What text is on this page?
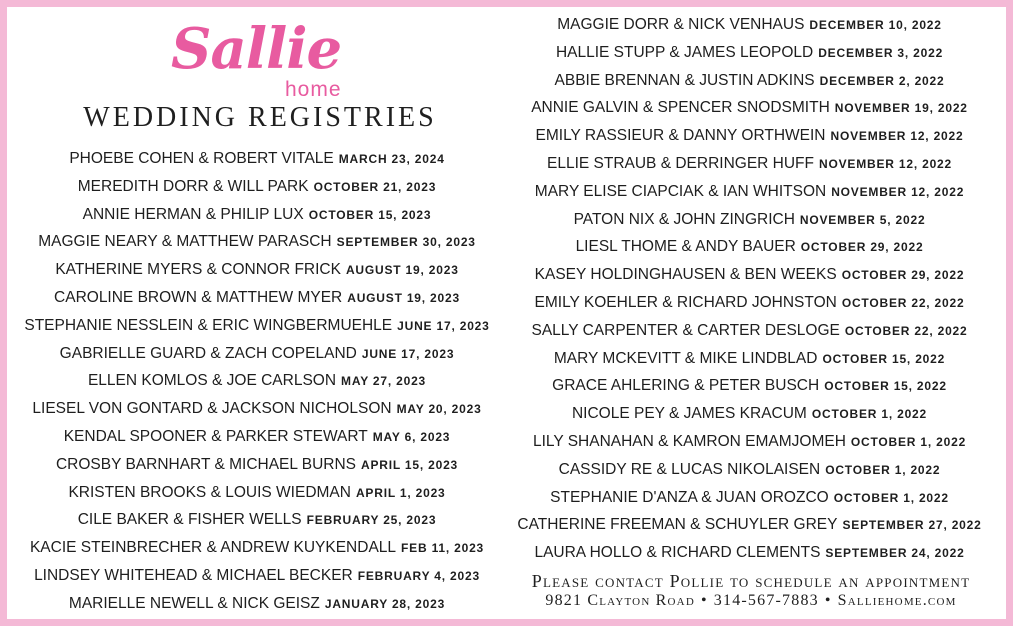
Sallie
home
WEDDING REGISTRIES
PHOEBE COHEN & ROBERT VITALE MARCH 23, 2024
MEREDITH DORR & WILL PARK OCTOBER 21, 2023
ANNIE HERMAN & PHILIP LUX OCTOBER 15, 2023
MAGGIE NEARY & MATTHEW PARASCH SEPTEMBER 30, 2023
KATHERINE MYERS & CONNOR FRICK AUGUST 19, 2023
CAROLINE BROWN & MATTHEW MYER AUGUST 19, 2023
STEPHANIE NESSLEIN & ERIC WINGBERMUEHLE JUNE 17, 2023
GABRIELLE GUARD & ZACH COPELAND JUNE 17, 2023
ELLEN KOMLOS & JOE CARLSON MAY 27, 2023
LIESEL VON GONTARD & JACKSON NICHOLSON MAY 20, 2023
KENDAL SPOONER & PARKER STEWART MAY 6, 2023
CROSBY BARNHART & MICHAEL BURNS APRIL 15, 2023
KRISTEN BROOKS & LOUIS WIEDMAN APRIL 1, 2023
CILE BAKER & FISHER WELLS FEBRUARY 25, 2023
KACIE STEINBRECHER & ANDREW KUYKENDALL FEB 11, 2023
LINDSEY WHITEHEAD & MICHAEL BECKER FEBRUARY 4, 2023
MARIELLE NEWELL & NICK GEISZ JANUARY 28, 2023
MAGGIE DORR & NICK VENHAUS DECEMBER 10, 2022
HALLIE STUPP & JAMES LEOPOLD DECEMBER 3, 2022
ABBIE BRENNAN & JUSTIN ADKINS DECEMBER 2, 2022
ANNIE GALVIN & SPENCER SNODSMITH NOVEMBER 19, 2022
EMILY RASSIEUR & DANNY ORTHWEIN NOVEMBER 12, 2022
ELLIE STRAUB & DERRINGER HUFF NOVEMBER 12, 2022
MARY ELISE CIAPCIAK & IAN WHITSON NOVEMBER 12, 2022
PATON NIX & JOHN ZINGRICH NOVEMBER 5, 2022
LIESL THOME & ANDY BAUER OCTOBER 29, 2022
KASEY HOLDINGHAUSEN & BEN WEEKS OCTOBER 29, 2022
EMILY KOEHLER & RICHARD JOHNSTON OCTOBER 22, 2022
SALLY CARPENTER & CARTER DESLOGE OCTOBER 22, 2022
MARY MCKEVITT & MIKE LINDBLAD OCTOBER 15, 2022
GRACE AHLERING & PETER BUSCH OCTOBER 15, 2022
NICOLE PEY & JAMES KRACUM OCTOBER 1, 2022
LILY SHANAHAN & KAMRON EMAMJOMEH OCTOBER 1, 2022
CASSIDY RE & LUCAS NIKOLAISEN OCTOBER 1, 2022
STEPHANIE D'ANZA & JUAN OROZCO OCTOBER 1, 2022
CATHERINE FREEMAN & SCHUYLER GREY SEPTEMBER 27, 2022
LAURA HOLLO & RICHARD CLEMENTS SEPTEMBER 24, 2022
Please contact Pollie to schedule an appointment
9821 Clayton Road • 314-567-7883 • Salliehome.com
